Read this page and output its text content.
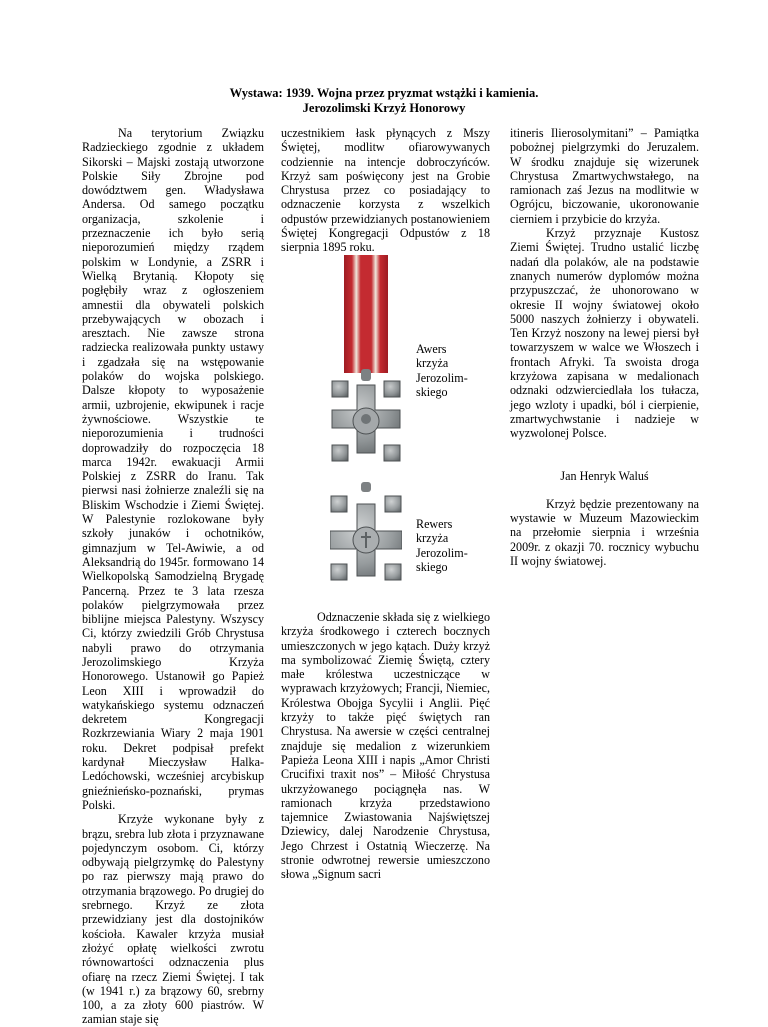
Wystawa: 1939. Wojna przez pryzmat wstążki i kamienia.
Jerozolimski Krzyż Honorowy

Na terytorium Związku Radzieckiego zgodnie z układem Sikorski – Majski zostają utworzone Polskie Siły Zbrojne pod dowództwem gen. Władysława Andersa. Od samego początku organizacja, szkolenie i przeznaczenie ich było serią nieporozumień między rządem polskim w Londynie, a ZSRR i Wielką Brytanią. Kłopoty się pogłębiły wraz z ogłoszeniem amnestii dla obywateli polskich przebywających w obozach i aresztach. Nie zawsze strona radziecka realizowała punkty ustawy i zgadzała się na wstępowanie polaków do wojska polskiego. Dalsze kłopoty to wyposażenie armii, uzbrojenie, ekwipunek i racje żywnościowe. Wszystkie te nieporozumienia i trudności doprowadziły do rozpoczęcia 18 marca 1942r. ewakuacji Armii Polskiej z ZSRR do Iranu. Tak pierwsi nasi żołnierze znaleźli się na Bliskim Wschodzie i Ziemi Świętej. W Palestynie rozlokowane były szkoły junaków i ochotników, gimnazjum w Tel-Awiwie, a od Aleksandrią do 1945r. formowano 14 Wielkopolską Samodzielną Brygadę Pancerną. Przez te 3 lata rzesza polaków pielgrzymowała przez biblijne miejsca Palestyny. Wszyscy Ci, którzy zwiedzili Grób Chrystusa nabyli prawo do otrzymania Jerozolimskiego Krzyża Honorowego. Ustanowił go Papież Leon XIII i wprowadził do watykańskiego systemu odznaczeń dekretem Kongregacji Rozkrzewiania Wiary 2 maja 1901 roku. Dekret podpisał prefekt kardynał Mieczysław Halka-Ledóchowski, wcześniej arcybiskup gnieźnieńsko-poznański, prymas Polski.

Krzyże wykonane były z brązu, srebra lub złota i przyznawane pojedynczym osobom. Ci, którzy odbywają pielgrzymkę do Palestyny po raz pierwszy mają prawo do otrzymania brązowego. Po drugiej do srebrnego. Krzyż ze złota przewidziany jest dla dostojników kościoła. Kawaler krzyża musiał złożyć opłatę wielkości zwrotu równowartości odznaczenia plus ofiarę na rzecz Ziemi Świętej. I tak (w 1941 r.) za brązowy 60, srebrny 100, a za złoty 600 piastrów. W zamian staje się

uczestnikiem łask płynących z Mszy Świętej, modlitw ofiarowywanych codziennie na intencje dobroczyńców. Krzyż sam poświęcony jest na Grobie Chrystusa przez co posiadający to odznaczenie korzysta z wszelkich odpustów przewidzianych postanowieniem Świętej Kongregacji Odpustów z 18 sierpnia 1895 roku.

Awers
krzyża
Jerozolim-
skiego
Rewers
krzyża
Jerozolim-
skiego

Odznaczenie składa się z wielkiego krzyża środkowego i czterech bocznych umieszczonych w jego kątach. Duży krzyż ma symbolizować Ziemię Świętą, cztery małe królestwa uczestniczące w wyprawach krzyżowych; Francji, Niemiec, Królestwa Obojga Sycylii i Anglii. Pięć krzyży to także pięć świętych ran Chrystusa. Na awersie w części centralnej znajduje się medalion z wizerunkiem Papieża Leona XIII i napis „Amor Christi Crucifixi traxit nos” – Miłość Chrystusa ukrzyżowanego pociągnęła nas. W ramionach krzyża przedstawiono tajemnice Zwiastowania Najświętszej Dziewicy, dalej Narodzenie Chrystusa, Jego Chrzest i Ostatnią Wieczerzę. Na stronie odwrotnej rewersie umieszczono słowa „Signum sacri

itineris Ilierosolymitani” – Pamiątka pobożnej pielgrzymki do Jeruzalem. W środku znajduje się wizerunek Chrystusa Zmartwychwstałego, na ramionach zaś Jezus na modlitwie w Ogrójcu, biczowanie, ukoronowanie cierniem i przybicie do krzyża.

Krzyż przyznaje Kustosz Ziemi Świętej. Trudno ustalić liczbę nadań dla polaków, ale na podstawie znanych numerów dyplomów można przypuszczać, że uhonorowano w okresie II wojny światowej około 5000 naszych żołnierzy i obywateli. Ten Krzyż noszony na lewej piersi był towarzyszem w walce we Włoszech i frontach Afryki. Ta swoista droga krzyżowa zapisana w medalionach odznaki odzwierciedlała los tułacza, jego wzloty i upadki, ból i cierpienie, zmartwychwstanie i nadzieje w wyzwolonej Polsce.

Jan Henryk Waluś

Krzyż będzie prezentowany na wystawie w Muzeum Mazowieckim na przełomie sierpnia i września 2009r. z okazji 70. rocznicy wybuchu II wojny światowej.
